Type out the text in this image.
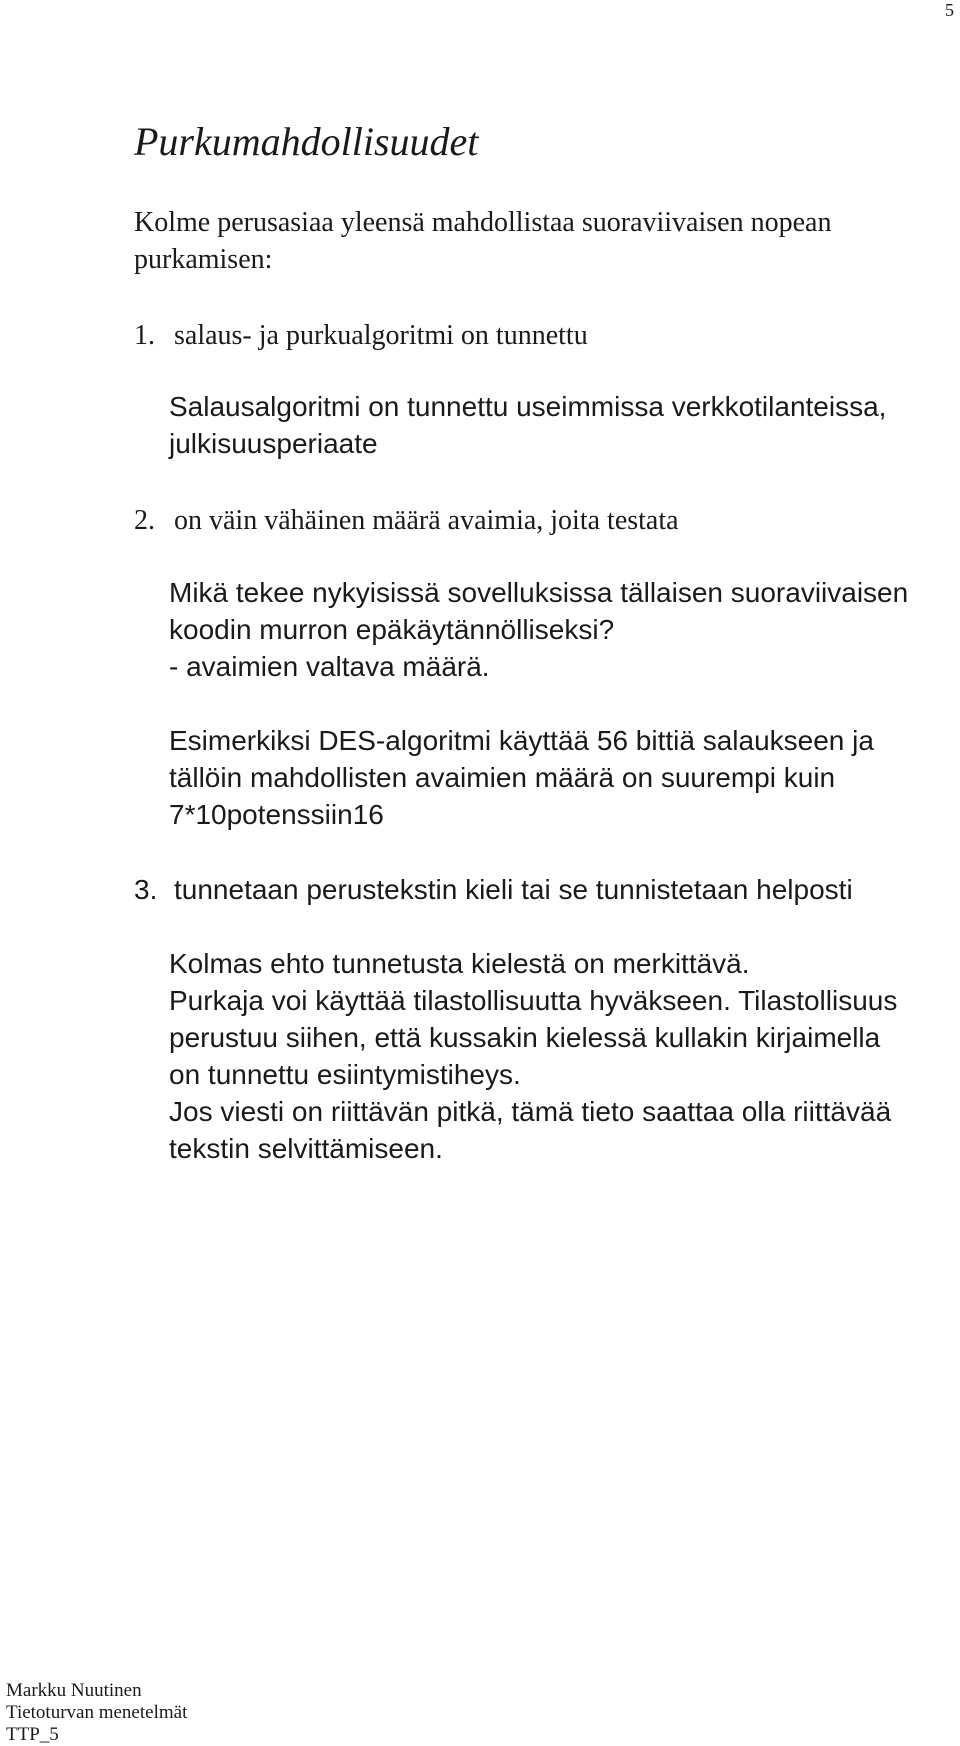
5
Purkumahdollisuudet
Kolme perusasiaa yleensä mahdollistaa suoraviivaisen nopean
purkamisen:
1. salaus- ja purkualgoritmi on tunnettu
Salausalgoritmi on tunnettu useimmissa verkkotilanteissa,
julkisuusperiaate
2. on väin vähäinen määrä avaimia, joita testata
Mikä tekee nykyisissä sovelluksissa tällaisen suoraviivaisen
koodin murron epäkäytännölliseksi?
- avaimien valtava määrä.
Esimerkiksi DES-algoritmi käyttää 56 bittiä salaukseen ja
tällöin mahdollisten avaimien määrä on suurempi kuin
7*10potenssiin16
3. tunnetaan perustekstin kieli tai se tunnistetaan helposti
Kolmas ehto tunnetusta kielestä on merkittävä.
Purkaja voi käyttää tilastollisuutta hyväkseen. Tilastollisuus
perustuu siihen, että kussakin kielessä kullakin kirjaimella
on tunnettu esiintymistiheys.
Jos viesti on riittävän pitkä, tämä tieto saattaa olla riittävää
tekstin selvittämiseen.
Markku Nuutinen
Tietoturvan menetelmät
TTP_5
